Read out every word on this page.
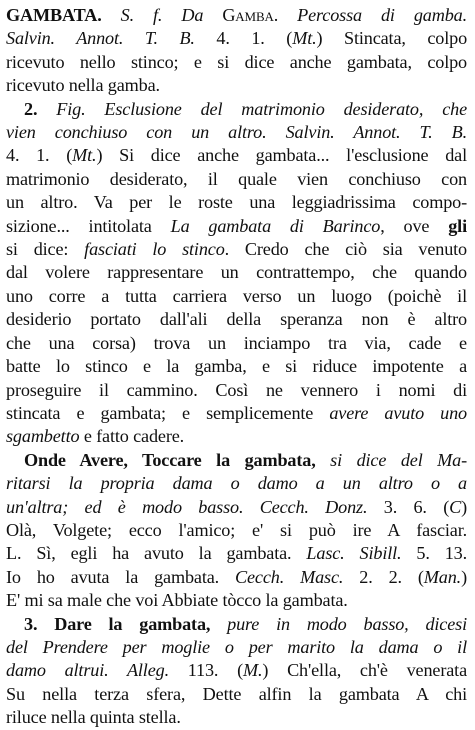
GAMBATA. S. f. Da Gamba. Percossa di gamba.
Salvin. Annot. T. B. 4. 1. (Mt.) Stincata, colpo
ricevuto nello stinco; e si dice anche gambata, colpo
ricevuto nella gamba.
2. Fig. Esclusione del matrimonio desiderato, che
vien conchiuso con un altro. Salvin. Annot. T. B.
4. 1. (Mt.) Si dice anche gambata... l'esclusione dal
matrimonio desiderato, il quale vien conchiuso con
un altro. Va per le roste una leggiadrissima compo-
sizione... intitolata La gambata di Barinco, ove gli
si dice: fasciati lo stinco. Credo che ciò sia venuto
dal volere rappresentare un contrattempo, che quando
uno corre a tutta carriera verso un luogo (poichè il
desiderio portato dall'ali della speranza non è altro
che una corsa) trova un inciampo tra via, cade e
batte lo stinco e la gamba, e si riduce impotente a
proseguire il cammino. Così ne vennero i nomi di
stincata e gambata; e semplicemente avere avuto uno
sgambetto e fatto cadere.
Onde Avere, Toccare la gambata, si dice del Ma-
ritarsi la propria dama o damo a un altro o a
un'altra; ed è modo basso. Cecch. Donz. 3. 6. (C)
Olà, Volgete; ecco l'amico; e' si può ire A fasciar.
L. Sì, egli ha avuto la gambata. Lasc. Sibill. 5. 13.
Io ho avuta la gambata. Cecch. Masc. 2. 2. (Man.)
E' mi sa male che voi Abbiate tòcco la gambata.
3. Dare la gambata, pure in modo basso, dicesi
del Prendere per moglie o per marito la dama o il
damo altrui. Alleg. 113. (M.) Ch'ella, ch'è venerata
Su nella terza sfera, Dette alfin la gambata A chi
riluce nella quinta stella.
